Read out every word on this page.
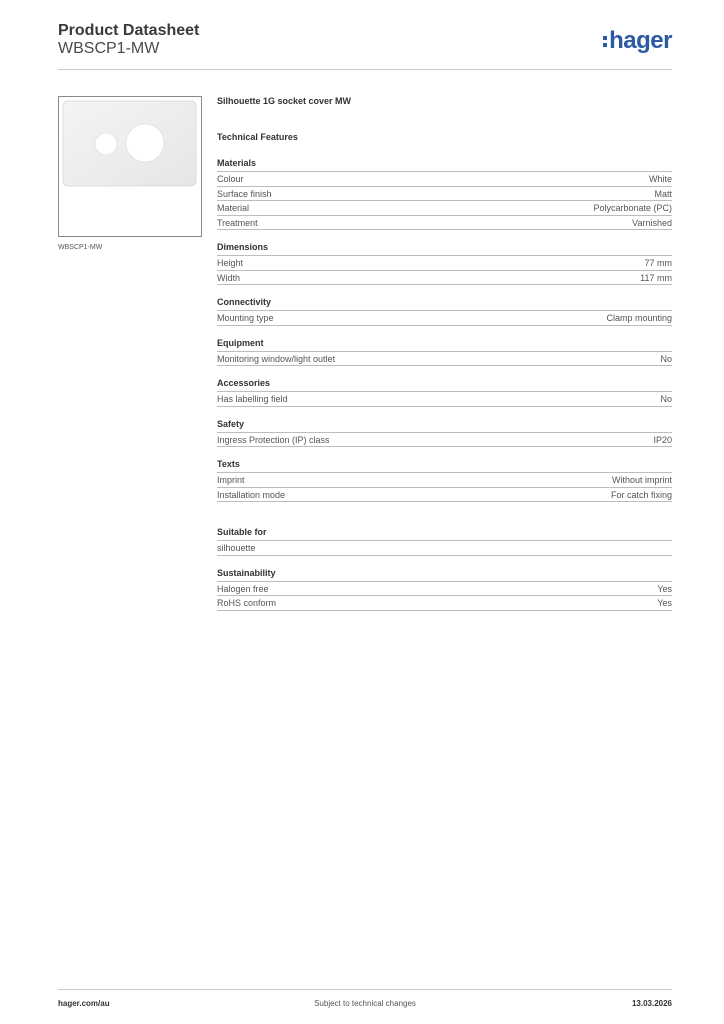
Product Datasheet
WBSCP1-MW	hager
WBSCP1-MW
Silhouette 1G socket cover MW
Technical Features
Materials
Colour	White
Surface finish	Matt
Material	Polycarbonate (PC)
Treatment	Varnished
Dimensions
Height	77 mm
Width	117 mm
Connectivity
Mounting type	Clamp mounting
Equipment
Monitoring window/light outlet	No
Accessories
Has labelling field	No
Safety
Ingress Protection (IP) class	IP20
Texts
Imprint	Without imprint
Installation mode	For catch fixing
Suitable for
silhouette
Sustainability
Halogen free	Yes
RoHS conform	Yes
hager.com/au	Subject to technical changes	13.03.2026
